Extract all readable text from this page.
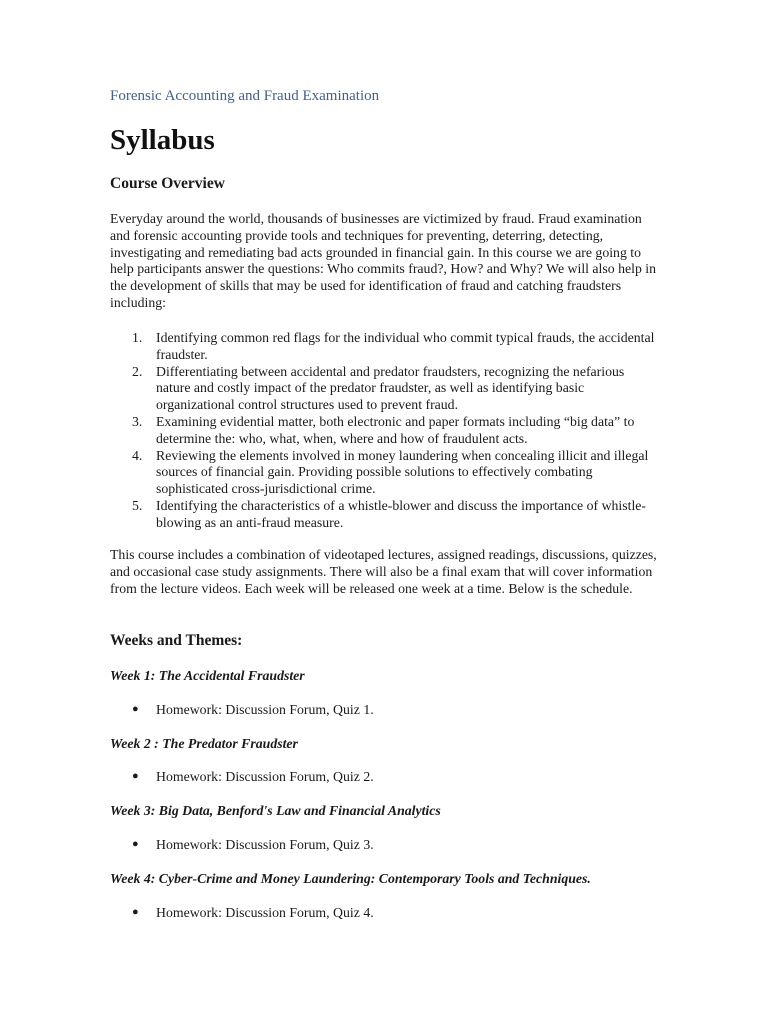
Forensic Accounting and Fraud Examination
Syllabus
Course Overview
Everyday around the world, thousands of businesses are victimized by fraud. Fraud examination and forensic accounting provide tools and techniques for preventing, deterring, detecting, investigating and remediating bad acts grounded in financial gain. In this course we are going to help participants answer the questions: Who commits fraud?, How? and Why? We will also help in the development of skills that may be used for identification of fraud and catching fraudsters including:
1. Identifying common red flags for the individual who commit typical frauds, the accidental fraudster.
2. Differentiating between accidental and predator fraudsters, recognizing the nefarious nature and costly impact of the predator fraudster, as well as identifying basic organizational control structures used to prevent fraud.
3. Examining evidential matter, both electronic and paper formats including “big data” to determine the: who, what, when, where and how of fraudulent acts.
4. Reviewing the elements involved in money laundering when concealing illicit and illegal sources of financial gain. Providing possible solutions to effectively combating sophisticated cross-jurisdictional crime.
5. Identifying the characteristics of a whistle-blower and discuss the importance of whistle-blowing as an anti-fraud measure.
This course includes a combination of videotaped lectures, assigned readings, discussions, quizzes, and occasional case study assignments. There will also be a final exam that will cover information from the lecture videos. Each week will be released one week at a time. Below is the schedule.
Weeks and Themes:
Week 1: The Accidental Fraudster
● Homework: Discussion Forum, Quiz 1.
Week 2 : The Predator Fraudster
● Homework: Discussion Forum, Quiz 2.
Week 3: Big Data, Benford's Law and Financial Analytics
● Homework: Discussion Forum, Quiz 3.
Week 4: Cyber-Crime and Money Laundering: Contemporary Tools and Techniques.
● Homework: Discussion Forum, Quiz 4.
